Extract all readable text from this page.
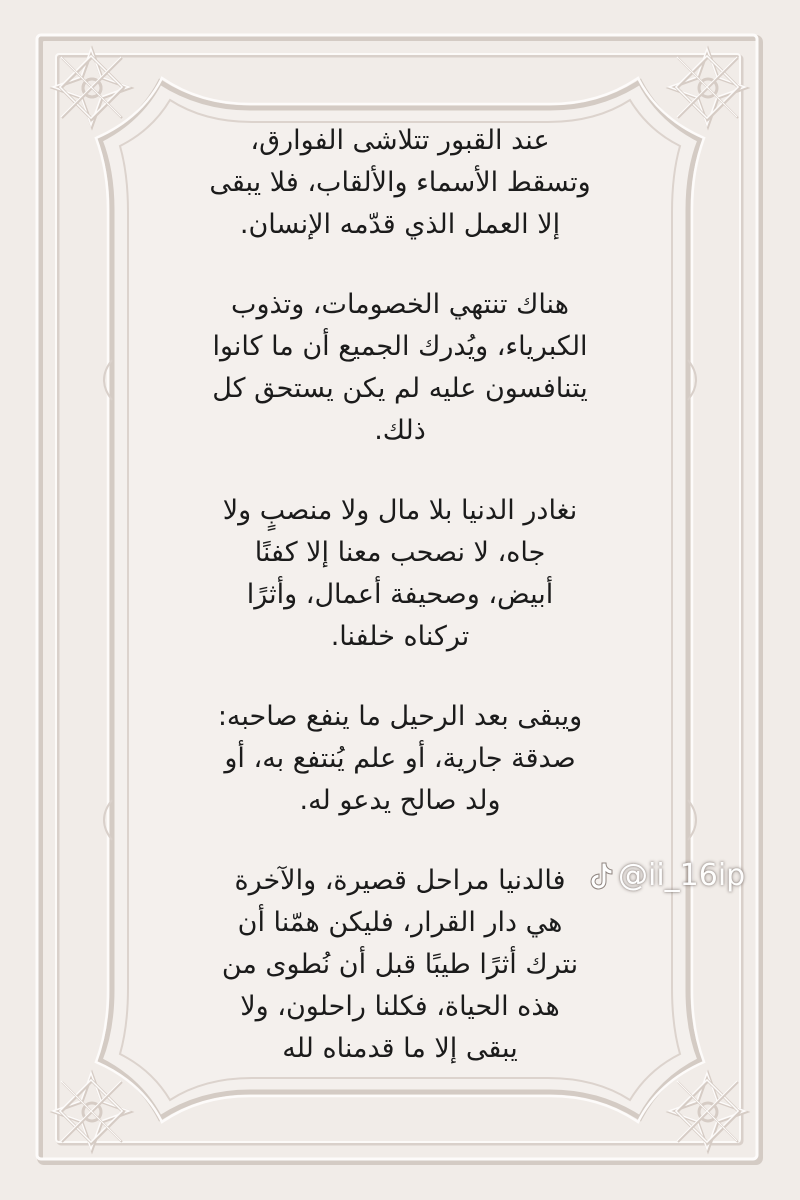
عند القبور تتلاشى الفوارق،
وتسقط الأسماء والألقاب، فلا يبقى
إلا العمل الذي قدّمه الإنسان.

هناك تنتهي الخصومات، وتذوب
الكبرياء، ويُدرك الجميع أن ما كانوا
يتنافسون عليه لم يكن يستحق كل
ذلك.

نغادر الدنيا بلا مال ولا منصبٍ ولا
جاه، لا نصحب معنا إلا كفنًا
أبيض، وصحيفة أعمال، وأثرًا
تركناه خلفنا.

ويبقى بعد الرحيل ما ينفع صاحبه:
صدقة جارية، أو علم يُنتفع به، أو
ولد صالح يدعو له.

فالدنيا مراحل قصيرة، والآخرة
هي دار القرار، فليكن همّنا أن
نترك أثرًا طيبًا قبل أن نُطوى من
هذه الحياة، فكلنا راحلون، ولا
يبقى إلا ما قدمناه لله

@ii_16ip
